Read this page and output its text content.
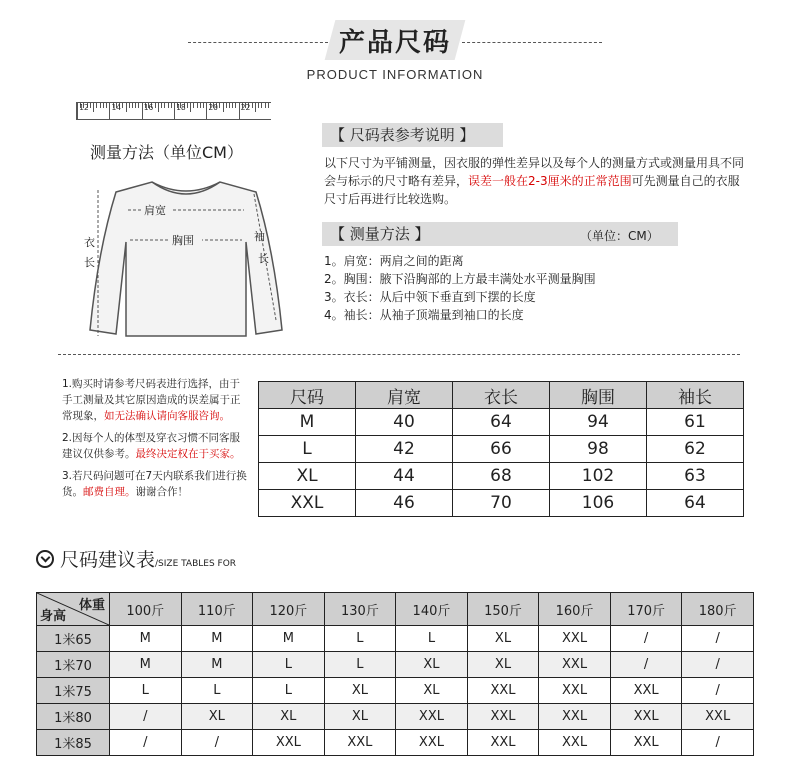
产品尺码
PRODUCT INFORMATION
12	14	16	18	20	22
测量方法（单位CM）
肩宽
胸围
衣
长
袖
长
【 尺码表参考说明 】
以下尺寸为平铺测量，因衣服的弹性差异以及每个人的测量方式或测量用具不同会与标示的尺寸略有差异，误差一般在2-3厘米的正常范围可先测量自己的衣服尺寸后再进行比较选购。
【 测量方法 】	（单位：CM）
1。肩宽：两肩之间的距离
2。胸围：腋下沿胸部的上方最丰满处水平测量胸围
3。衣长：从后中领下垂直到下摆的长度
4。袖长：从袖子顶端量到袖口的长度

1.购买时请参考尺码表进行选择，由于手工测量及其它原因造成的误差属于正常现象，如无法确认请向客服咨询。

2.因每个人的体型及穿衣习惯不同客服建议仅供参考。最终决定权在于买家。

3.若尺码问题可在7天内联系我们进行换货。邮费自理。谢谢合作！

尺码	肩宽	衣长	胸围	袖长
M	40	64	94	61
L	42	66	98	62
XL	44	68	102	63
XXL	46	70	106	64
尺码建议表/SIZE TABLES FOR
体重
身高	100斤	110斤	120斤	130斤	140斤	150斤	160斤	170斤	180斤
1米65	M	M	M	L	L	XL	XXL	/	/
1米70	M	M	L	L	XL	XL	XXL	/	/
1米75	L	L	L	XL	XL	XXL	XXL	XXL	/
1米80	/	XL	XL	XL	XXL	XXL	XXL	XXL	XXL
1米85	/	/	XXL	XXL	XXL	XXL	XXL	XXL	/
